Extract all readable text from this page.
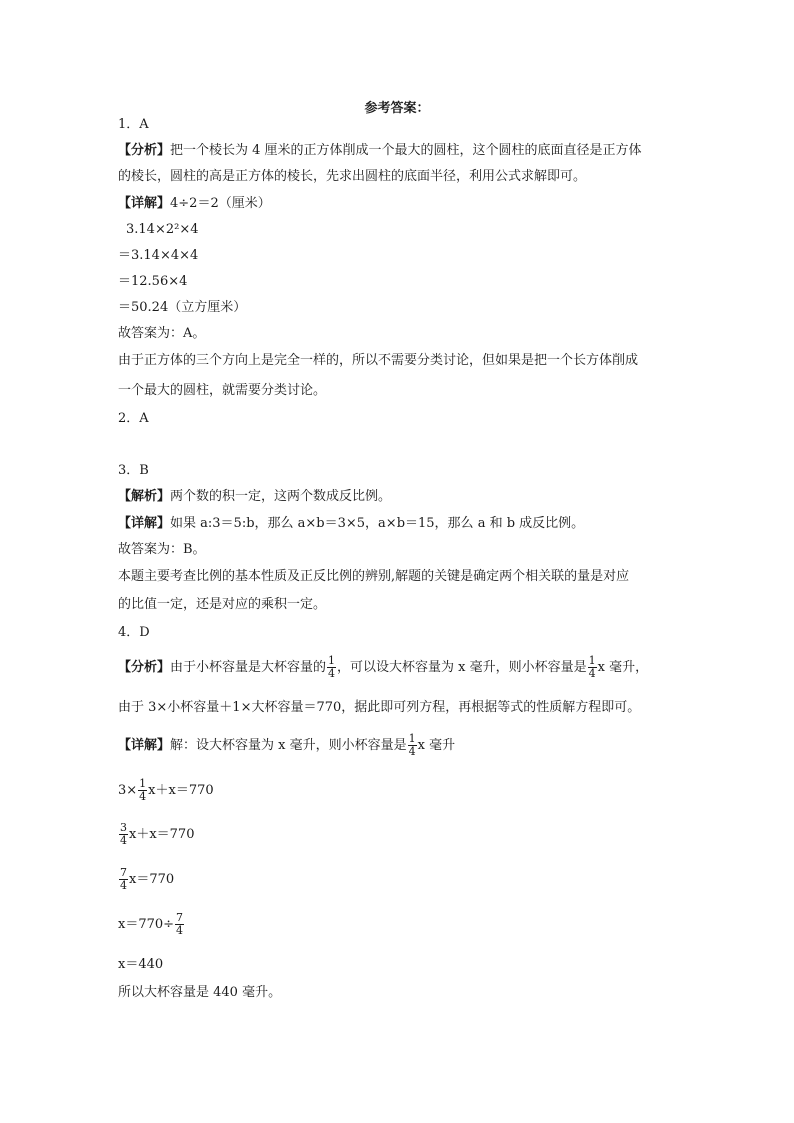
参考答案：
1．A
【分析】把一个棱长为 4 厘米的正方体削成一个最大的圆柱，这个圆柱的底面直径是正方体
的棱长，圆柱的高是正方体的棱长，先求出圆柱的底面半径，利用公式求解即可。
【详解】4÷2＝2（厘米）
3.14×2²×4
＝3.14×4×4
＝12.56×4
＝50.24（立方厘米）
故答案为：A。
由于正方体的三个方向上是完全一样的，所以不需要分类讨论，但如果是把一个长方体削成
一个最大的圆柱，就需要分类讨论。
2．A
3．B
【解析】两个数的积一定，这两个数成反比例。
【详解】如果 a:3＝5:b，那么 a×b＝3×5，a×b＝15，那么 a 和 b 成反比例。
故答案为：B。
本题主要考查比例的基本性质及正反比例的辨别,解题的关键是确定两个相关联的量是对应
的比值一定，还是对应的乘积一定。
4．D
【分析】由于小杯容量是大杯容量的 $\frac{1}{4}$ ，可以设大杯容量为 x 毫升，则小杯容量是 $\frac{1}{4}$ x 毫升，
由于 3×小杯容量＋1×大杯容量＝770，据此即可列方程，再根据等式的性质解方程即可。
【详解】解：设大杯容量为 x 毫升，则小杯容量是 $\frac{1}{4}$ x 毫升
$3\times \frac{1}{4} x+x=770$
$\frac{3}{4} x+x=770$
$\frac{7}{4} x=770$
$x=770\div \frac{7}{4}$
x＝440
所以大杯容量是 440 毫升。
